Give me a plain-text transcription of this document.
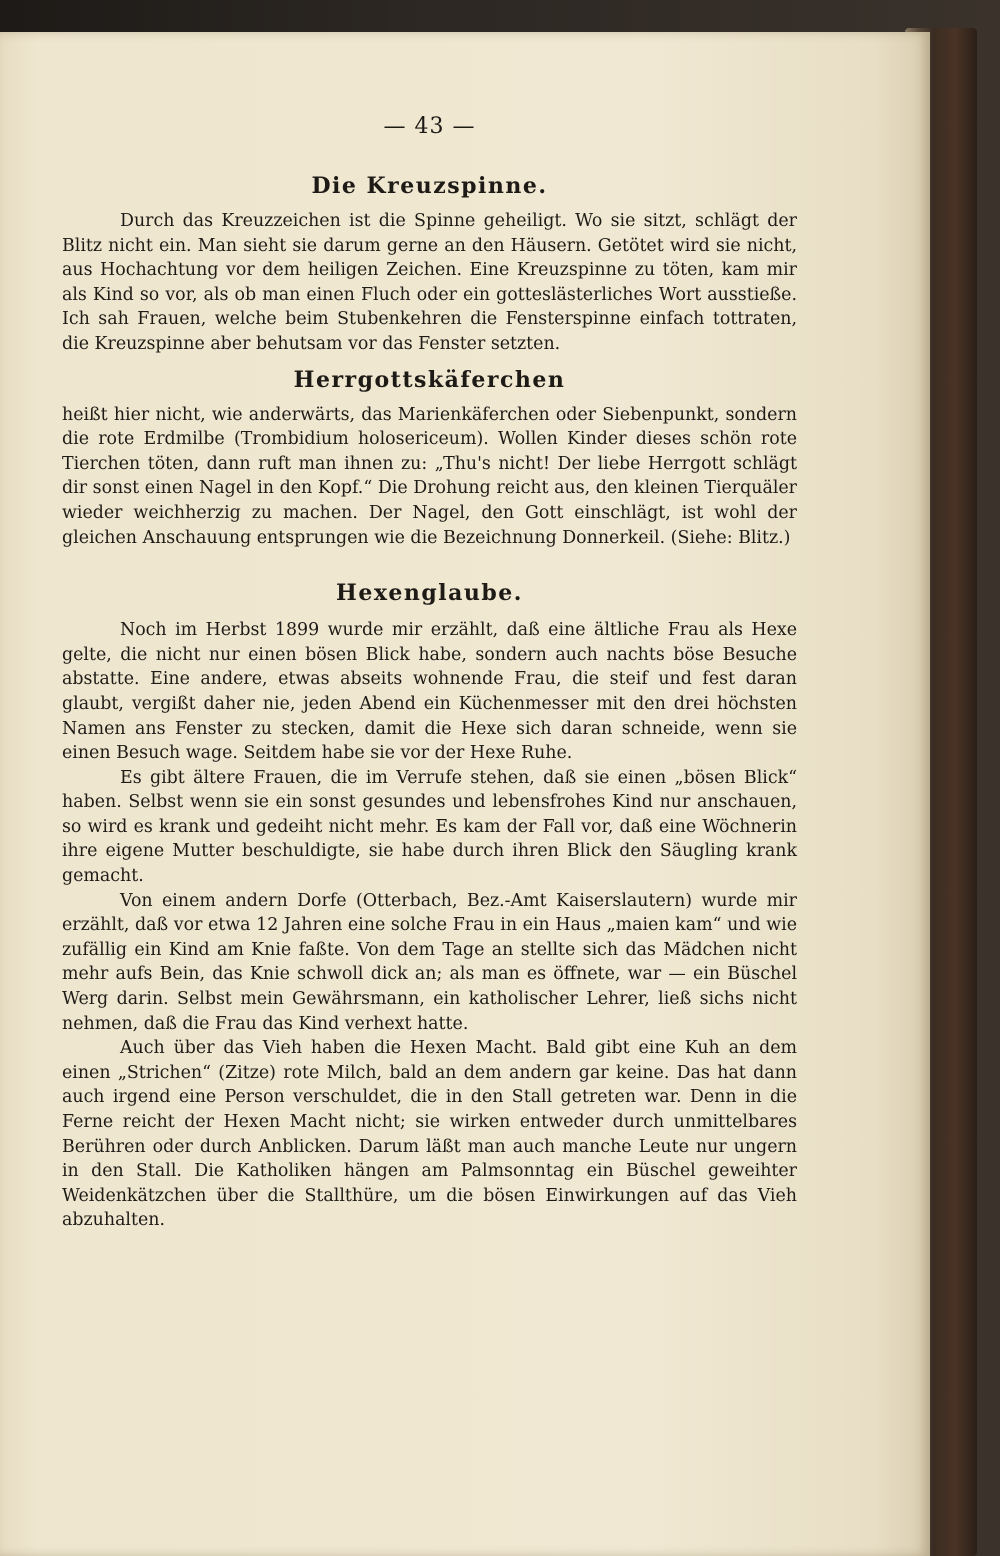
— 43 —
Die Kreuzspinne.

Durch das Kreuzzeichen ist die Spinne geheiligt. Wo sie sitzt, schlägt der Blitz nicht ein. Man sieht sie darum gerne an den Häusern. Getötet wird sie nicht, aus Hochachtung vor dem heiligen Zeichen. Eine Kreuzspinne zu töten, kam mir als Kind so vor, als ob man einen Fluch oder ein gotteslästerliches Wort ausstieße. Ich sah Frauen, welche beim Stubenkehren die Fensterspinne einfach tottraten, die Kreuzspinne aber behutsam vor das Fenster setzten.

Herrgottskäferchen

heißt hier nicht, wie anderwärts, das Marienkäferchen oder Siebenpunkt, sondern die rote Erdmilbe (Trombidium holosericeum). Wollen Kinder dieses schön rote Tierchen töten, dann ruft man ihnen zu: „Thu's nicht! Der liebe Herrgott schlägt dir sonst einen Nagel in den Kopf.“ Die Drohung reicht aus, den kleinen Tierquäler wieder weichherzig zu machen. Der Nagel, den Gott einschlägt, ist wohl der gleichen Anschauung entsprungen wie die Bezeichnung Donnerkeil. (Siehe: Blitz.)

Hexenglaube.

Noch im Herbst 1899 wurde mir erzählt, daß eine ältliche Frau als Hexe gelte, die nicht nur einen bösen Blick habe, sondern auch nachts böse Besuche abstatte. Eine andere, etwas abseits wohnende Frau, die steif und fest daran glaubt, vergißt daher nie, jeden Abend ein Küchenmesser mit den drei höchsten Namen ans Fenster zu stecken, damit die Hexe sich daran schneide, wenn sie einen Besuch wage. Seitdem habe sie vor der Hexe Ruhe.

Es gibt ältere Frauen, die im Verrufe stehen, daß sie einen „bösen Blick“ haben. Selbst wenn sie ein sonst gesundes und lebensfrohes Kind nur anschauen, so wird es krank und gedeiht nicht mehr. Es kam der Fall vor, daß eine Wöchnerin ihre eigene Mutter beschuldigte, sie habe durch ihren Blick den Säugling krank gemacht.

Von einem andern Dorfe (Otterbach, Bez.-Amt Kaiserslautern) wurde mir erzählt, daß vor etwa 12 Jahren eine solche Frau in ein Haus „maien kam“ und wie zufällig ein Kind am Knie faßte. Von dem Tage an stellte sich das Mädchen nicht mehr aufs Bein, das Knie schwoll dick an; als man es öffnete, war — ein Büschel Werg darin. Selbst mein Gewährsmann, ein katholischer Lehrer, ließ sichs nicht nehmen, daß die Frau das Kind verhext hatte.

Auch über das Vieh haben die Hexen Macht. Bald gibt eine Kuh an dem einen „Strichen“ (Zitze) rote Milch, bald an dem andern gar keine. Das hat dann auch irgend eine Person verschuldet, die in den Stall getreten war. Denn in die Ferne reicht der Hexen Macht nicht; sie wirken entweder durch unmittelbares Berühren oder durch Anblicken. Darum läßt man auch manche Leute nur ungern in den Stall. Die Katholiken hängen am Palmsonntag ein Büschel geweihter Weidenkätzchen über die Stallthüre, um die bösen Einwirkungen auf das Vieh abzuhalten.
